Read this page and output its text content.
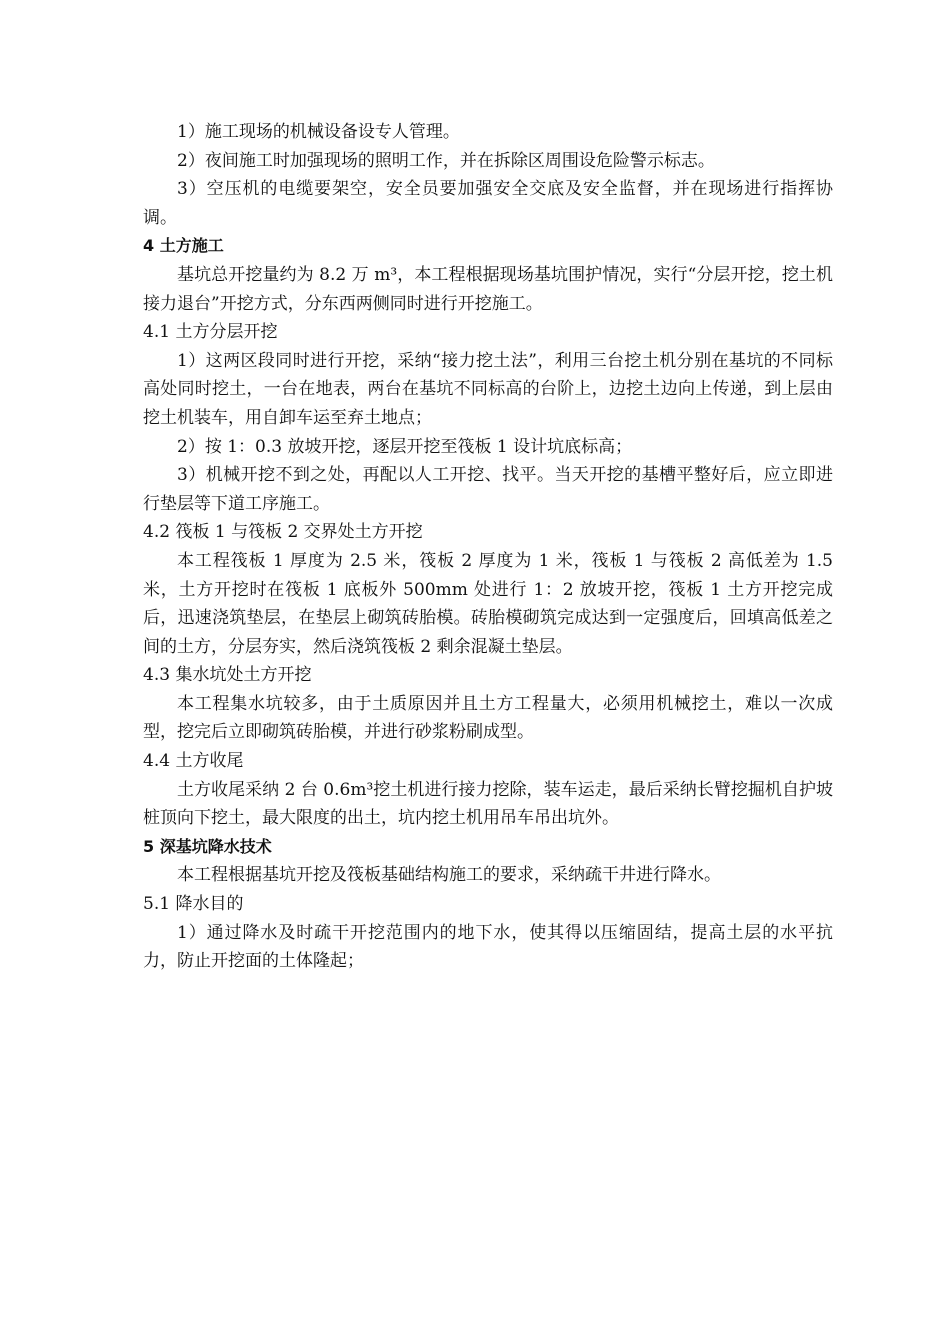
1）施工现场的机械设备设专人管理。

2）夜间施工时加强现场的照明工作，并在拆除区周围设危险警示标志。

3）空压机的电缆要架空，安全员要加强安全交底及安全监督，并在现场进行指挥协调。

4 土方施工

基坑总开挖量约为 8.2 万 m³，本工程根据现场基坑围护情况，实行“分层开挖，挖土机接力退台”开挖方式，分东西两侧同时进行开挖施工。

4.1 土方分层开挖

1）这两区段同时进行开挖，采纳“接力挖土法”，利用三台挖土机分别在基坑的不同标高处同时挖土，一台在地表，两台在基坑不同标高的台阶上，边挖土边向上传递，到上层由挖土机装车，用自卸车运至弃土地点；

2）按 1：0.3 放坡开挖，逐层开挖至筏板 1 设计坑底标高；

3）机械开挖不到之处，再配以人工开挖、找平。当天开挖的基槽平整好后，应立即进行垫层等下道工序施工。

4.2 筏板 1 与筏板 2 交界处土方开挖

本工程筏板 1 厚度为 2.5 米，筏板 2 厚度为 1 米，筏板 1 与筏板 2 高低差为 1.5 米，土方开挖时在筏板 1 底板外 500mm 处进行 1：2 放坡开挖，筏板 1 土方开挖完成后，迅速浇筑垫层，在垫层上砌筑砖胎模。砖胎模砌筑完成达到一定强度后，回填高低差之间的土方，分层夯实，然后浇筑筏板 2 剩余混凝土垫层。

4.3 集水坑处土方开挖

本工程集水坑较多，由于土质原因并且土方工程量大，必须用机械挖土，难以一次成型，挖完后立即砌筑砖胎模，并进行砂浆粉刷成型。

4.4 土方收尾

土方收尾采纳 2 台 0.6m³挖土机进行接力挖除，装车运走，最后采纳长臂挖掘机自护坡桩顶向下挖土，最大限度的出土，坑内挖土机用吊车吊出坑外。

5 深基坑降水技术

本工程根据基坑开挖及筏板基础结构施工的要求，采纳疏干井进行降水。

5.1 降水目的

1）通过降水及时疏干开挖范围内的地下水，使其得以压缩固结，提高土层的水平抗力，防止开挖面的土体隆起；
